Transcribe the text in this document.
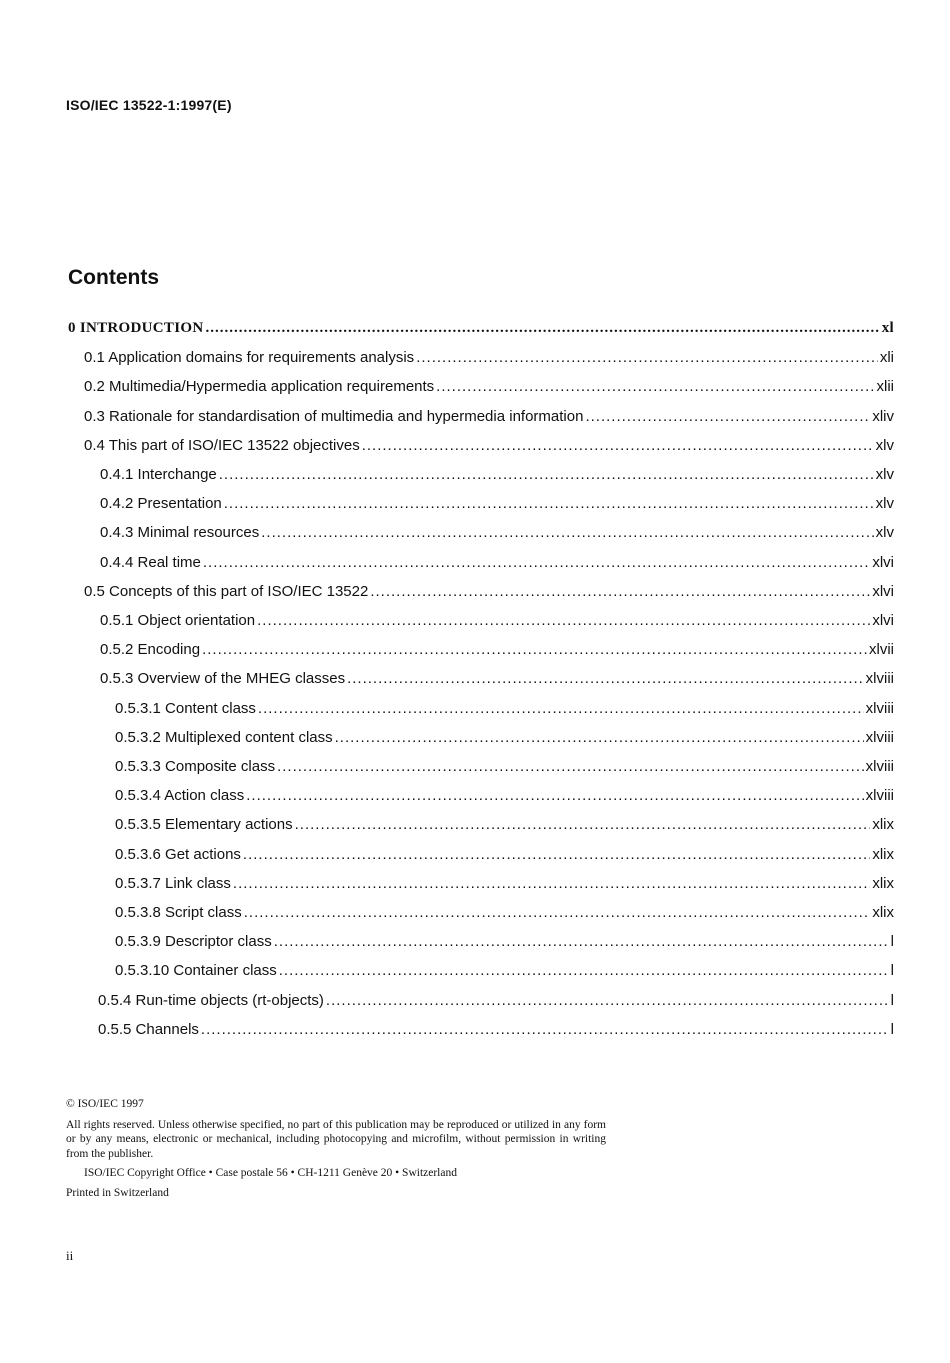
ISO/IEC 13522-1:1997(E)
Contents
0 INTRODUCTION .....	xl
0.1 Application domains for requirements analysis .....	xli
0.2 Multimedia/Hypermedia application requirements .....	xlii
0.3 Rationale for standardisation of multimedia and hypermedia information .....	xliv
0.4 This part of ISO/IEC 13522 objectives .....	xlv
0.4.1 Interchange .....	xlv
0.4.2 Presentation .....	xlv
0.4.3 Minimal resources .....	xlv
0.4.4 Real time .....	xlvi
0.5 Concepts of this part of ISO/IEC 13522 .....	xlvi
0.5.1 Object orientation .....	xlvi
0.5.2 Encoding .....	xlvii
0.5.3 Overview of the MHEG classes .....	xlviii
0.5.3.1 Content class .....	xlviii
0.5.3.2 Multiplexed content class .....	xlviii
0.5.3.3 Composite class .....	xlviii
0.5.3.4 Action class .....	xlviii
0.5.3.5 Elementary actions .....	xlix
0.5.3.6 Get actions .....	xlix
0.5.3.7 Link class .....	xlix
0.5.3.8 Script class .....	xlix
0.5.3.9 Descriptor class .....	l
0.5.3.10 Container class .....	l
0.5.4 Run-time objects (rt-objects) .....	l
0.5.5 Channels .....	l
© ISO/IEC 1997
All rights reserved. Unless otherwise specified, no part of this publication may be reproduced or utilized in any form or by any means, electronic or mechanical, including photocopying and microfilm, without permission in writing from the publisher.
ISO/IEC Copyright Office • Case postale 56 • CH-1211 Genève 20 • Switzerland
Printed in Switzerland
ii
